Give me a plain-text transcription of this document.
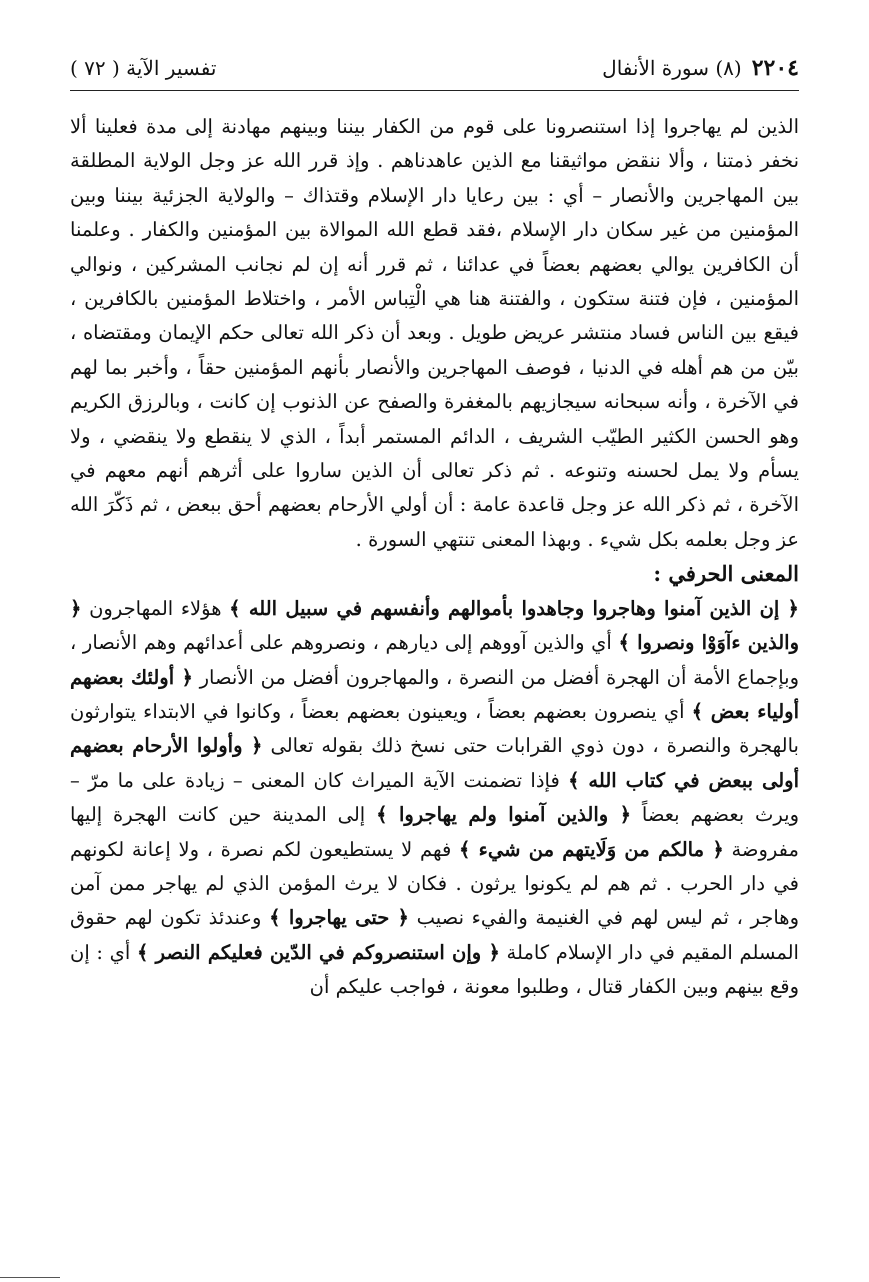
٢٢٠٤
(٨) سورة الأنفال
تفسير الآية ( ٧٢ )

الذين لم يهاجروا إذا استنصرونا على قوم من الكفار بيننا وبينهم مهادنة إلى مدة فعلينا ألا نخفر ذمتنا ، وألا ننقض مواثيقنا مع الذين عاهدناهم . وإذ قرر الله عز وجل الولاية المطلقة بين المهاجرين والأنصار – أي : بين رعايا دار الإسلام وقتذاك – والولاية الجزئية بيننا وبين المؤمنين من غير سكان دار الإسلام ،فقد قطع الله الموالاة بين المؤمنين والكفار . وعلمنا أن الكافرين يوالي بعضهم بعضاً في عدائنا ، ثم قرر أنه إن لم نجانب المشركين ، ونوالي المؤمنين ، فإن فتنة ستكون ، والفتنة هنا هي الْتِباس الأمر ، واختلاط المؤمنين بالكافرين ، فيقع بين الناس فساد منتشر عريض طويل . وبعد أن ذكر الله تعالى حكم الإيمان ومقتضاه ، بيّن من هم أهله في الدنيا ، فوصف المهاجرين والأنصار بأنهم المؤمنين حقاً ، وأخبر بما لهم في الآخرة ، وأنه سبحانه سيجازيهم بالمغفرة والصفح عن الذنوب إن كانت ، وبالرزق الكريم وهو الحسن الكثير الطيّب الشريف ، الدائم المستمر أبداً ، الذي لا ينقطع ولا ينقضي ، ولا يسأم ولا يمل لحسنه وتنوعه . ثم ذكر تعالى أن الذين ساروا على أثرهم أنهم معهم في الآخرة ، ثم ذكر الله عز وجل قاعدة عامة : أن أولي الأرحام بعضهم أحق ببعض ، ثم ذَكّرَ الله عز وجل بعلمه بكل شيء . وبهذا المعنى تنتهي السورة .

المعنى الحرفي :

﴿ إن الذين آمنوا وهاجروا وجاهدوا بأموالهم وأنفسهم في سبيل الله ﴾ هؤلاء المهاجرون ﴿ والذين ءآوَوْا ونصروا ﴾ أي والذين آووهم إلى ديارهم ، ونصروهم على أعدائهم وهم الأنصار ، وبإجماع الأمة أن الهجرة أفضل من النصرة ، والمهاجرون أفضل من الأنصار ﴿ أولئك بعضهم أولياء بعض ﴾ أي ينصرون بعضهم بعضاً ، ويعينون بعضهم بعضاً ، وكانوا في الابتداء يتوارثون بالهجرة والنصرة ، دون ذوي القرابات حتى نسخ ذلك بقوله تعالى ﴿ وأولوا الأرحام بعضهم أولى ببعض في كتاب الله ﴾ فإذا تضمنت الآية الميراث كان المعنى – زيادة على ما مرّ – ويرث بعضهم بعضاً ﴿ والذين آمنوا ولم يهاجروا ﴾ إلى المدينة حين كانت الهجرة إليها مفروضة ﴿ مالكم من وَلَايتهم من شيء ﴾ فهم لا يستطيعون لكم نصرة ، ولا إعانة لكونهم في دار الحرب . ثم هم لم يكونوا يرثون . فكان لا يرث المؤمن الذي لم يهاجر ممن آمن وهاجر ، ثم ليس لهم في الغنيمة والفيء نصيب ﴿ حتى يهاجروا ﴾ وعندئذ تكون لهم حقوق المسلم المقيم في دار الإسلام كاملة ﴿ وإن استنصروكم في الدّين فعليكم النصر ﴾ أي : إن وقع بينهم وبين الكفار قتال ، وطلبوا معونة ، فواجب عليكم أن
